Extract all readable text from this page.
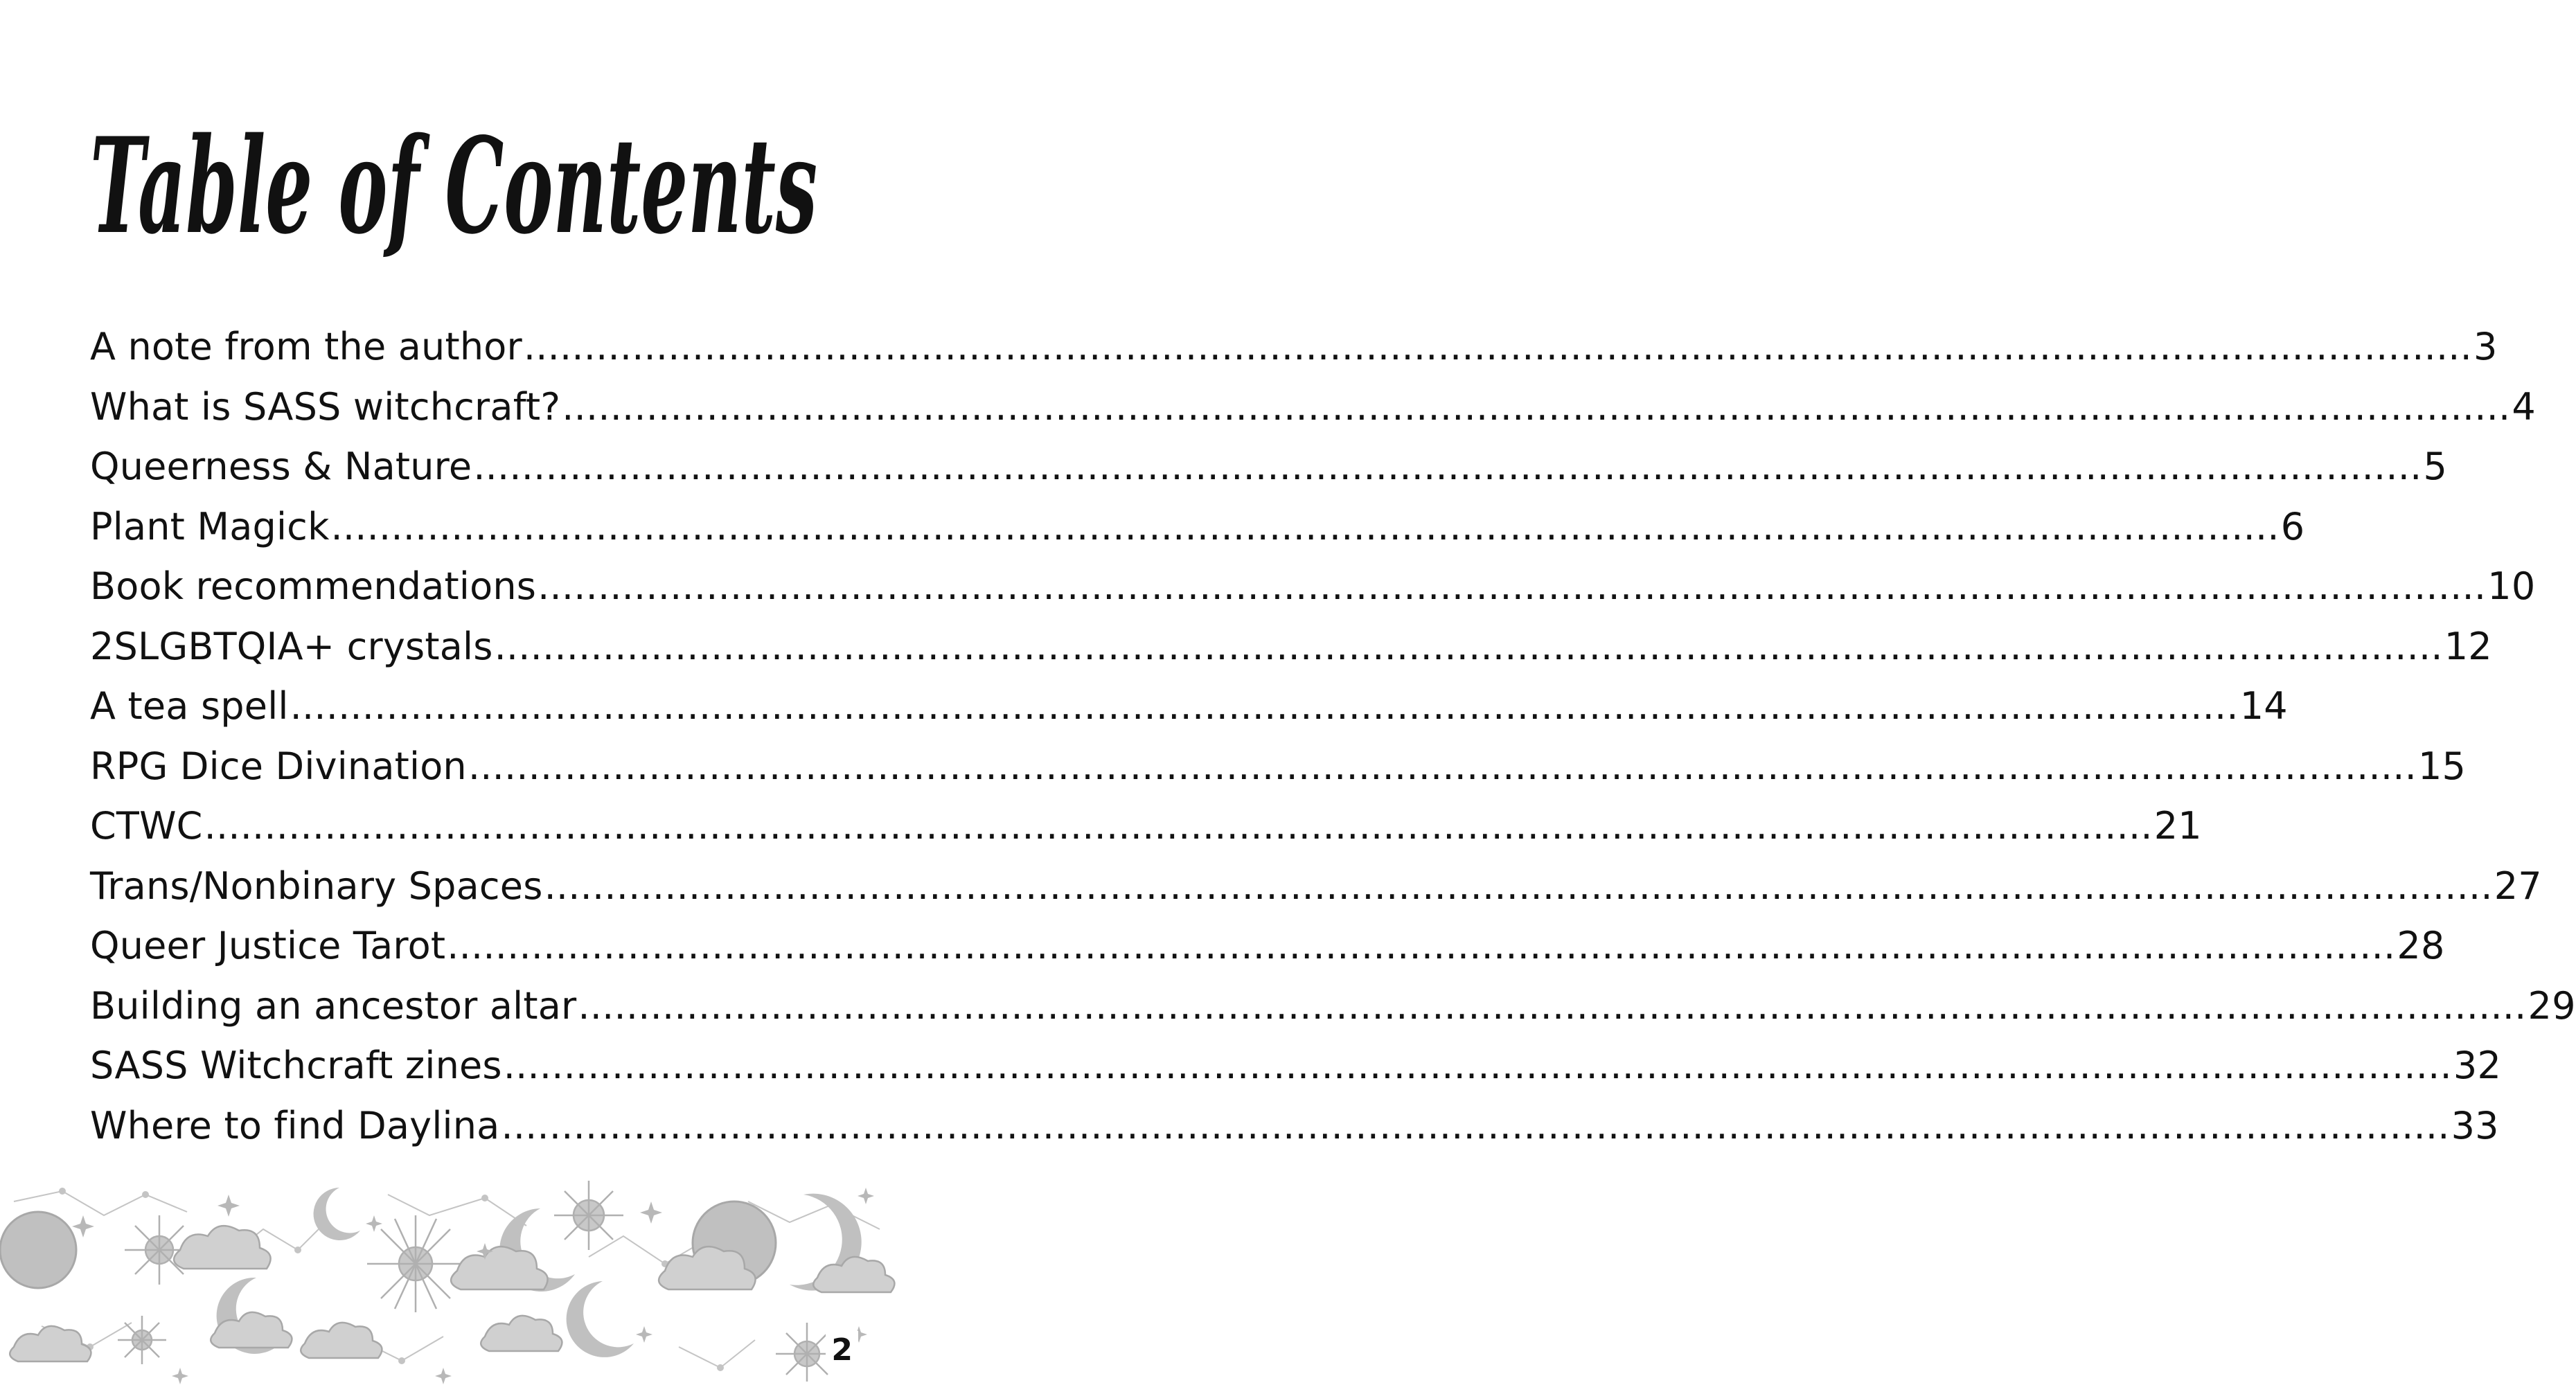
Table of Contents
A note from the author .....	3
What is SASS witchcraft? .....	4
Queerness & Nature .....	5
Plant Magick .....	6
Book recommendations .....	10
2SLGBTQIA+ crystals .....	12
A tea spell .....	14
RPG Dice Divination .....	15
CTWC .....	21
Trans/Nonbinary Spaces .....	27
Queer Justice Tarot .....	28
Building an ancestor altar .....	29
SASS Witchcraft zines .....	32
Where to find Daylina .....	33
2
